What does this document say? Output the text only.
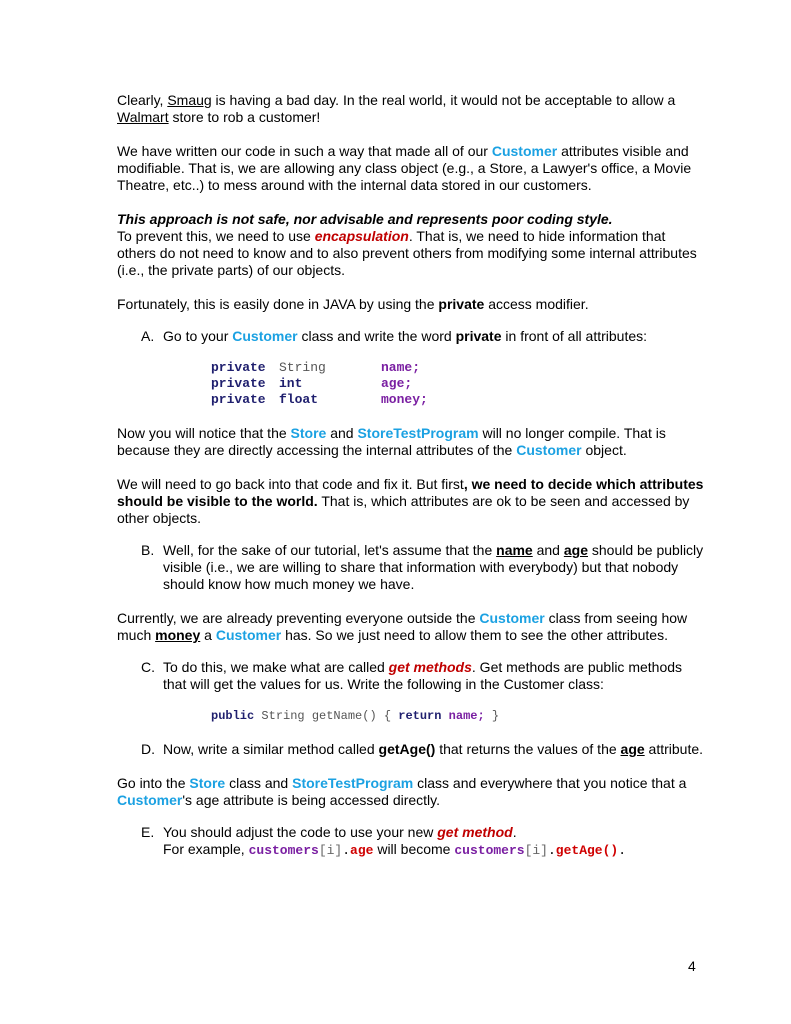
Clearly, Smaug is having a bad day. In the real world, it would not be acceptable to allow a Walmart store to rob a customer!

We have written our code in such a way that made all of our Customer attributes visible and modifiable. That is, we are allowing any class object (e.g., a Store, a Lawyer's office, a Movie Theatre, etc..) to mess around with the internal data stored in our customers.

This approach is not safe, nor advisable and represents poor coding style.
To prevent this, we need to use encapsulation. That is, we need to hide information that others do not need to know and to also prevent others from modifying some internal attributes (i.e., the private parts) of our objects.

Fortunately, this is easily done in JAVA by using the private access modifier.

A. Go to your Customer class and write the word private in front of all attributes:
private	String	name;
private	int	age;
private	float	money;

Now you will notice that the Store and StoreTestProgram will no longer compile. That is because they are directly accessing the internal attributes of the Customer object.

We will need to go back into that code and fix it. But first, we need to decide which attributes should be visible to the world. That is, which attributes are ok to be seen and accessed by other objects.

B. Well, for the sake of our tutorial, let's assume that the name and age should be publicly visible (i.e., we are willing to share that information with everybody) but that nobody should know how much money we have.

Currently, we are already preventing everyone outside the Customer class from seeing how much money a Customer has. So we just need to allow them to see the other attributes.

C. To do this, we make what are called get methods. Get methods are public methods that will get the values for us. Write the following in the Customer class:
public String getName() { return name; }
D. Now, write a similar method called getAge() that returns the values of the age attribute.

Go into the Store class and StoreTestProgram class and everywhere that you notice that a Customer's age attribute is being accessed directly.

E. You should adjust the code to use your new get method.
For example, customers[i].age will become customers[i].getAge().
4
